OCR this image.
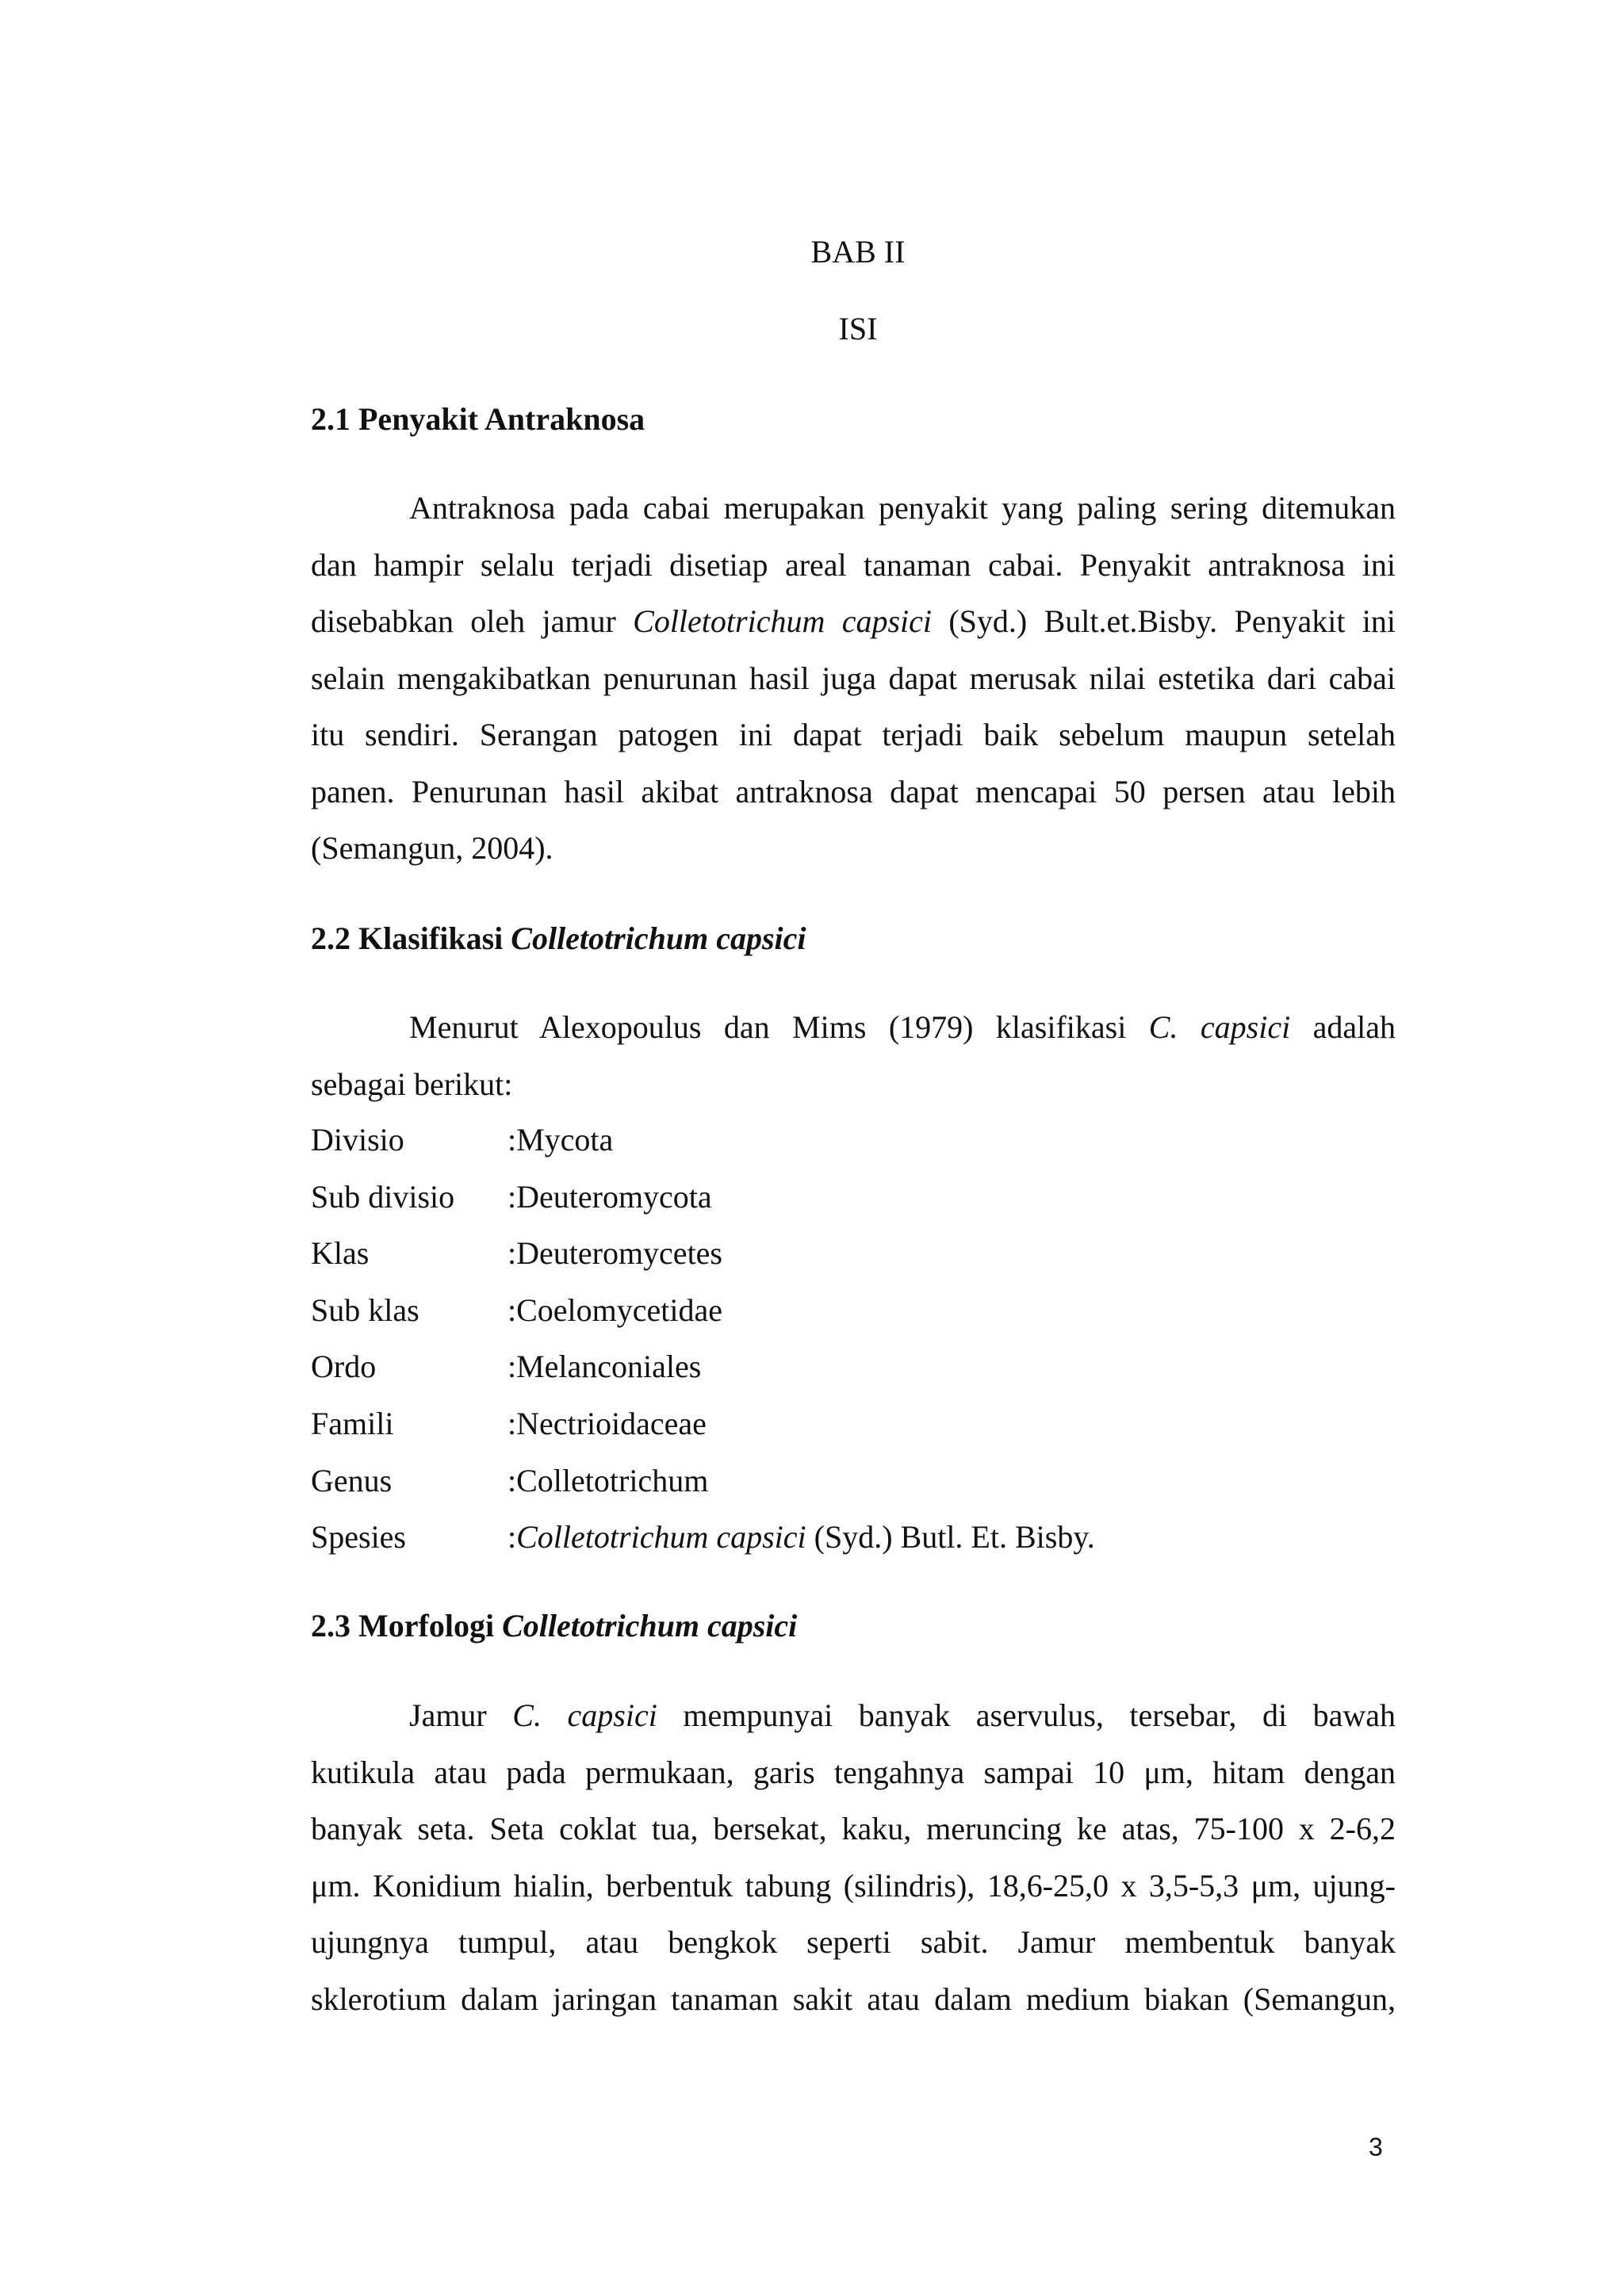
BAB II
ISI
2.1 Penyakit Antraknosa
Antraknosa pada cabai merupakan penyakit yang paling sering ditemukan
dan hampir selalu terjadi disetiap areal tanaman cabai. Penyakit antraknosa ini
disebabkan oleh jamur Colletotrichum capsici (Syd.) Bult.et.Bisby. Penyakit ini
selain mengakibatkan penurunan hasil juga dapat merusak nilai estetika dari cabai
itu sendiri. Serangan patogen ini dapat terjadi baik sebelum maupun setelah
panen. Penurunan hasil akibat antraknosa dapat mencapai 50 persen atau lebih
(Semangun, 2004).
2.2 Klasifikasi Colletotrichum capsici
Menurut Alexopoulus dan Mims (1979) klasifikasi C. capsici adalah
sebagai berikut:
Divisio	:Mycota
Sub divisio	:Deuteromycota
Klas	:Deuteromycetes
Sub klas	:Coelomycetidae
Ordo	:Melanconiales
Famili	:Nectrioidaceae
Genus	:Colletotrichum
Spesies	:Colletotrichum capsici (Syd.) Butl. Et. Bisby.
2.3 Morfologi Colletotrichum capsici
Jamur C. capsici mempunyai banyak aservulus, tersebar, di bawah
kutikula atau pada permukaan, garis tengahnya sampai 10 μm, hitam dengan
banyak seta. Seta coklat tua, bersekat, kaku, meruncing ke atas, 75-100 x 2-6,2
μm. Konidium hialin, berbentuk tabung (silindris), 18,6-25,0 x 3,5-5,3 μm, ujung-
ujungnya tumpul, atau bengkok seperti sabit. Jamur membentuk banyak
sklerotium dalam jaringan tanaman sakit atau dalam medium biakan (Semangun,
3
